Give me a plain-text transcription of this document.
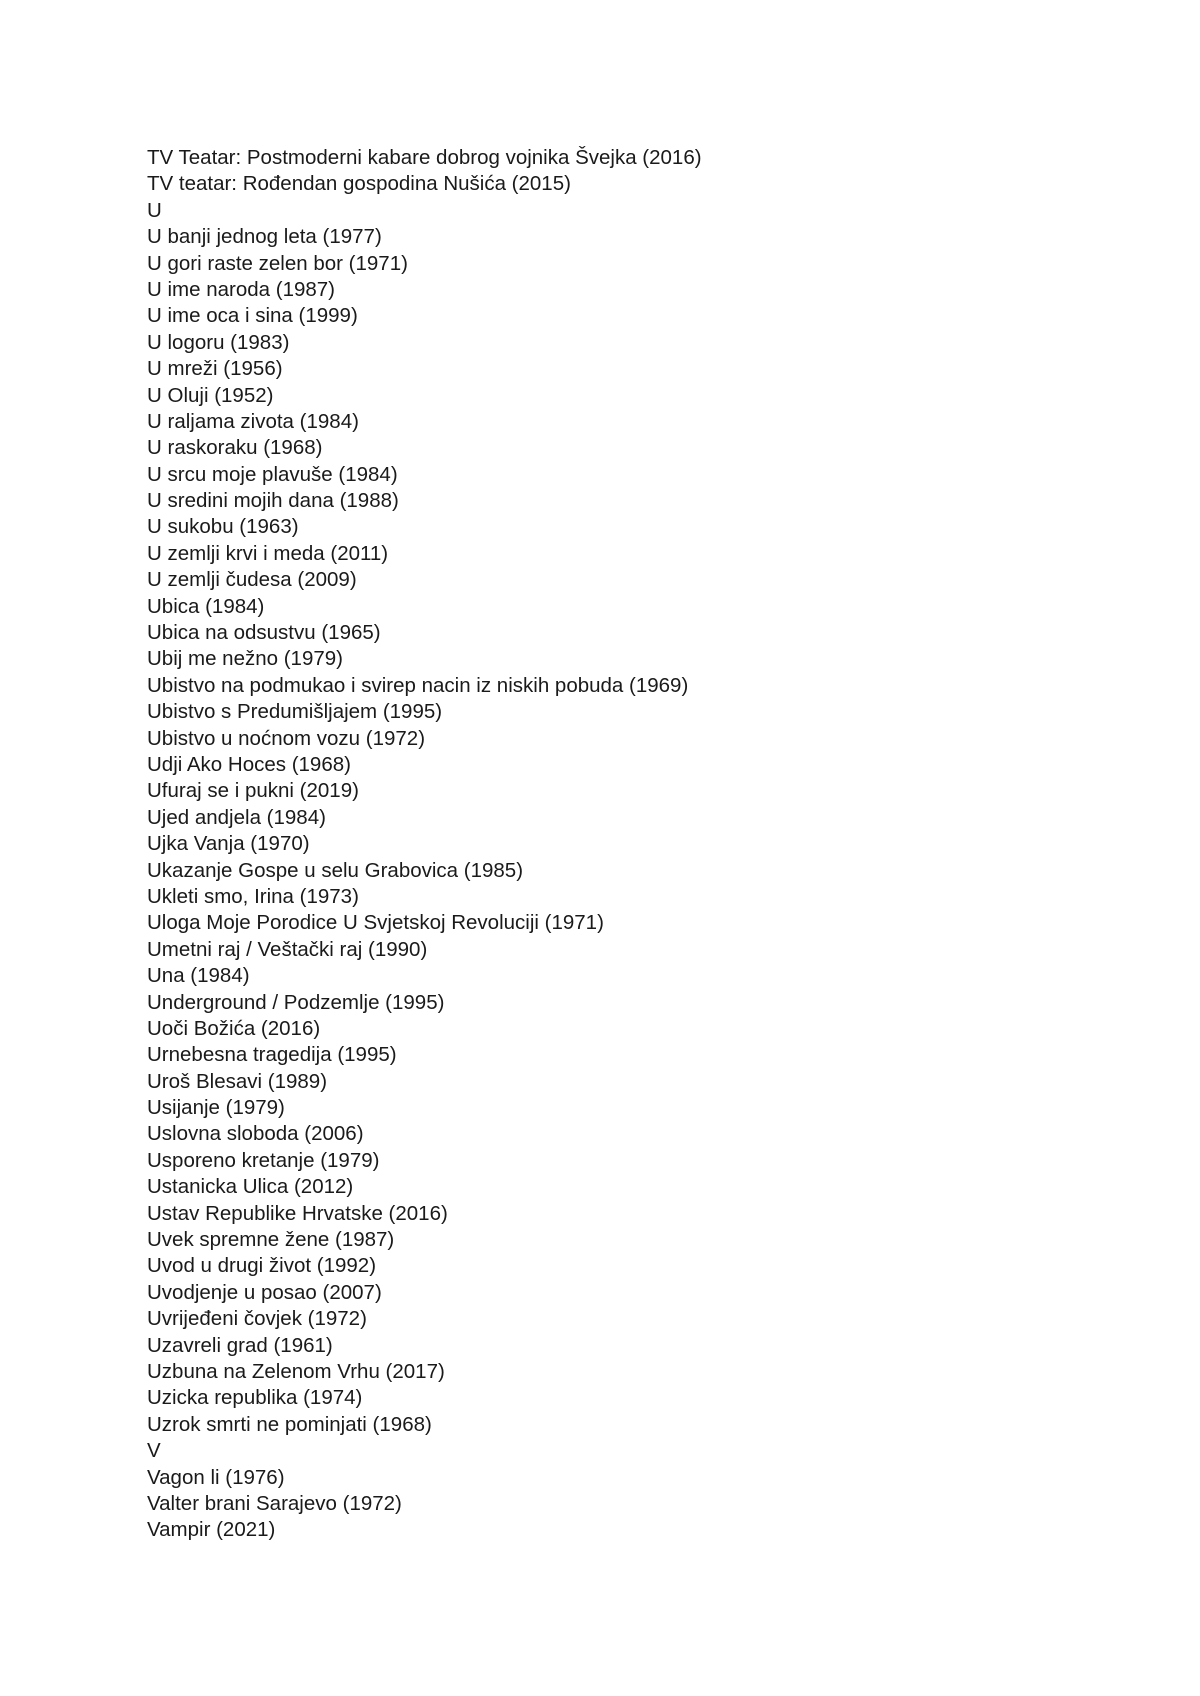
TV Teatar: Postmoderni kabare dobrog vojnika Švejka (2016)
TV teatar: Rođendan gospodina Nušića (2015)
U
U banji jednog leta (1977)
U gori raste zelen bor (1971)
U ime naroda (1987)
U ime oca i sina (1999)
U logoru (1983)
U mreži (1956)
U Oluji (1952)
U raljama zivota (1984)
U raskoraku (1968)
U srcu moje plavuše (1984)
U sredini mojih dana (1988)
U sukobu (1963)
U zemlji krvi i meda (2011)
U zemlji čudesa (2009)
Ubica (1984)
Ubica na odsustvu (1965)
Ubij me nežno (1979)
Ubistvo na podmukao i svirep nacin iz niskih pobuda (1969)
Ubistvo s Predumišljajem (1995)
Ubistvo u nоćnom vozu (1972)
Udji Ako Hoces (1968)
Ufuraj se i pukni (2019)
Ujed andjela (1984)
Ujka Vanja (1970)
Ukazanje Gospe u selu Grabovica (1985)
Ukleti smo, Irina (1973)
Uloga Moje Porodice U Svjetskoj Revoluciji (1971)
Umetni raj / Veštački raj (1990)
Una (1984)
Underground / Podzemlje (1995)
Uoči Božića (2016)
Urnebesna tragedija (1995)
Uroš Blesavi (1989)
Usijanje (1979)
Uslovna sloboda (2006)
Usporeno kretanje (1979)
Ustanicka Ulica (2012)
Ustav Republike Hrvatske (2016)
Uvek spremne žene (1987)
Uvod u drugi život (1992)
Uvodjenje u posao (2007)
Uvrijeđeni čovjek (1972)
Uzavreli grad (1961)
Uzbuna na Zelenom Vrhu (2017)
Uzicka republika (1974)
Uzrok smrti ne pominjati (1968)
V
Vagon li (1976)
Valter brani Sarajevo (1972)
Vampir (2021)
